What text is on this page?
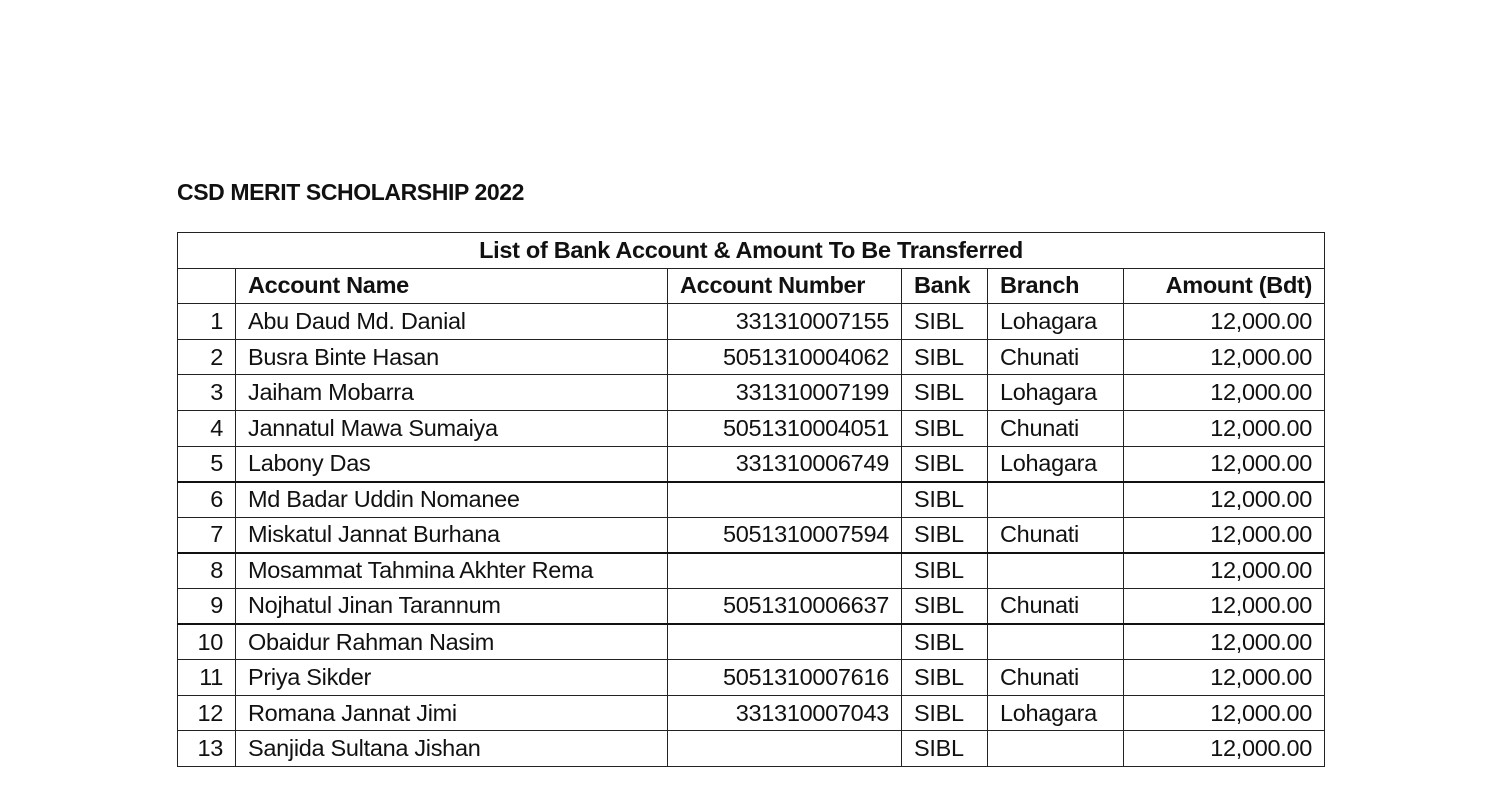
CSD MERIT SCHOLARSHIP 2022
List of Bank Account & Amount To Be Transferred					
	Account Name	Account Number	Bank	Branch	Amount (Bdt)
1	Abu Daud Md. Danial	331310007155	SIBL	Lohagara	12,000.00
2	Busra Binte Hasan	5051310004062	SIBL	Chunati	12,000.00
3	Jaiham Mobarra	331310007199	SIBL	Lohagara	12,000.00
4	Jannatul Mawa Sumaiya	5051310004051	SIBL	Chunati	12,000.00
5	Labony Das	331310006749	SIBL	Lohagara	12,000.00
6	Md Badar Uddin Nomanee		SIBL		12,000.00
7	Miskatul Jannat Burhana	5051310007594	SIBL	Chunati	12,000.00
8	Mosammat Tahmina Akhter Rema		SIBL		12,000.00
9	Nojhatul Jinan Tarannum	5051310006637	SIBL	Chunati	12,000.00
10	Obaidur Rahman Nasim		SIBL		12,000.00
11	Priya Sikder	5051310007616	SIBL	Chunati	12,000.00
12	Romana Jannat Jimi	331310007043	SIBL	Lohagara	12,000.00
13	Sanjida Sultana Jishan		SIBL		12,000.00
